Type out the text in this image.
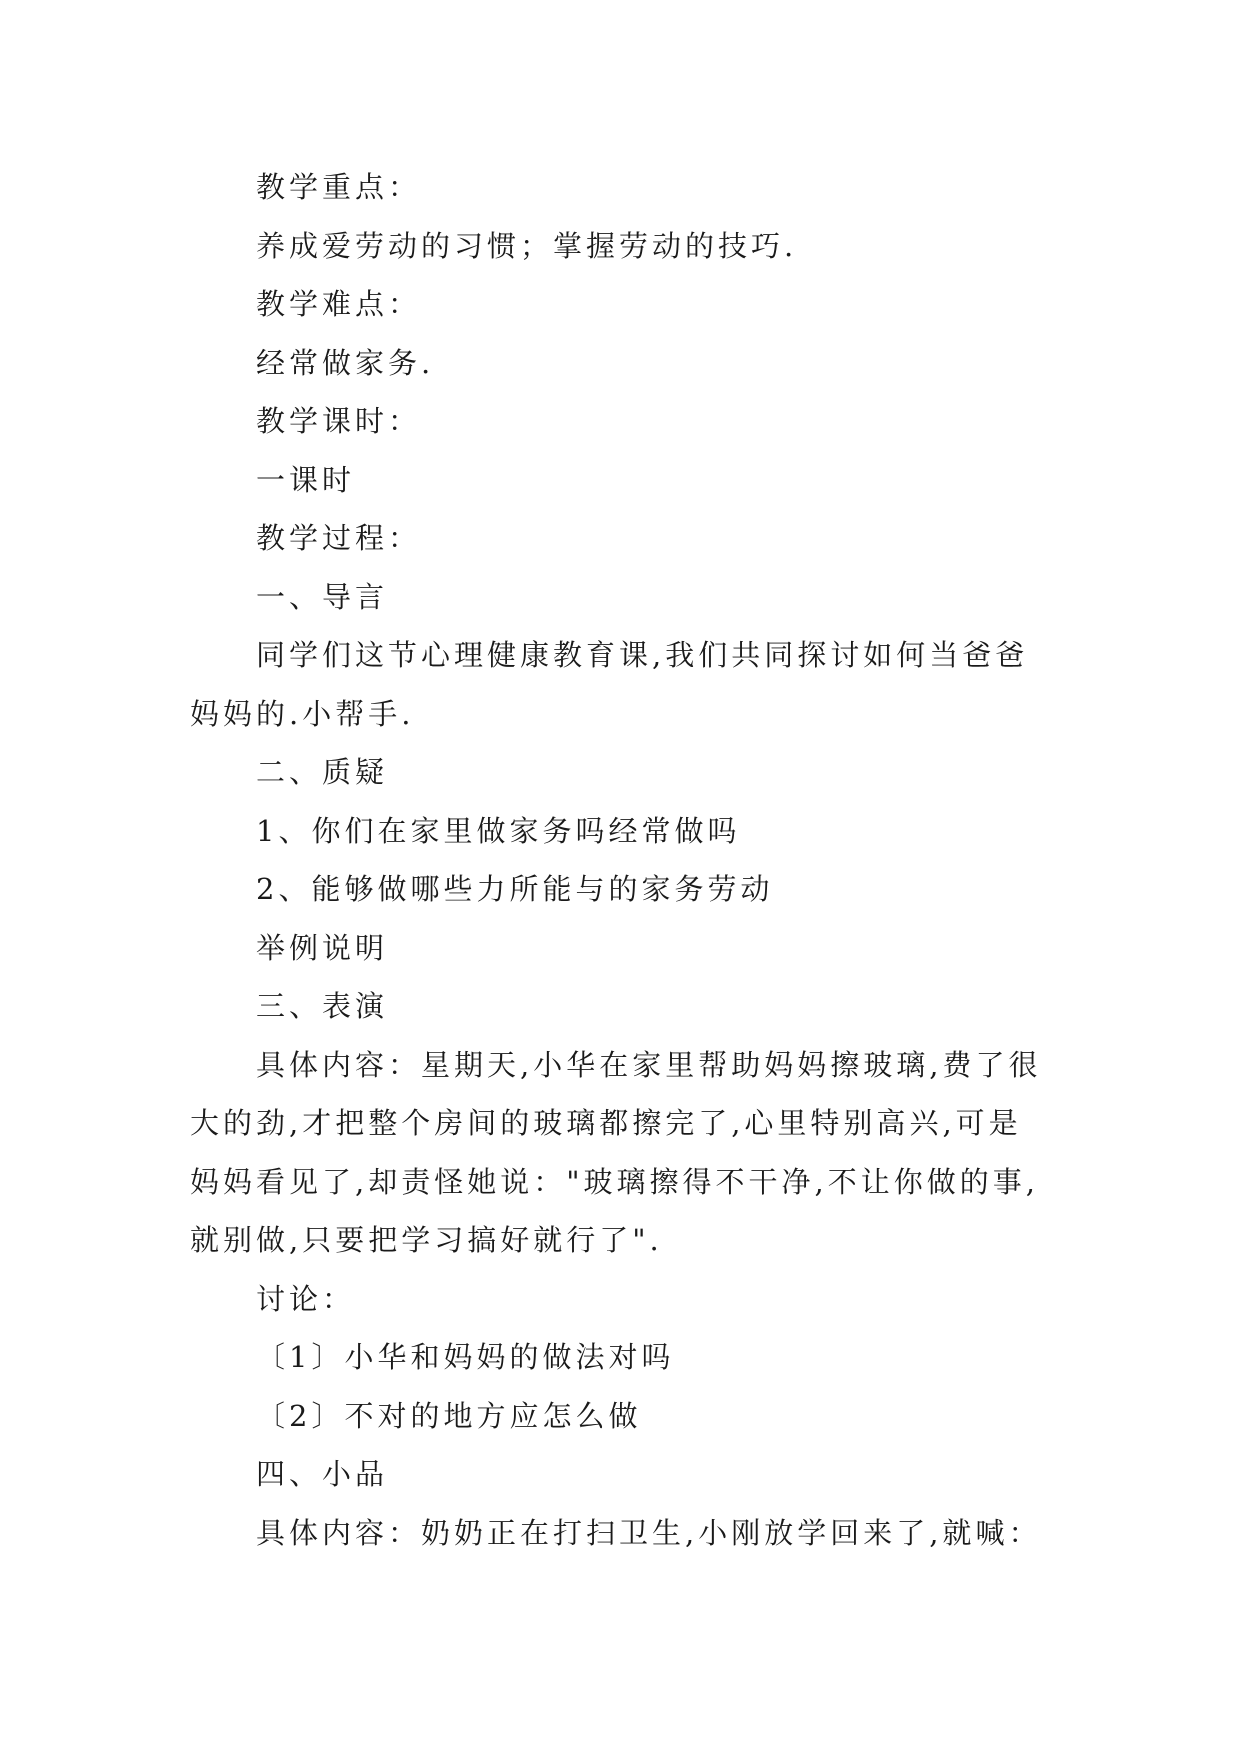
教学重点：

养成爱劳动的习惯；掌握劳动的技巧.

教学难点：

经常做家务.

教学课时：

一课时

教学过程：

一、导言

同学们这节心理健康教育课,我们共同探讨如何当爸爸

妈妈的.小帮手.

二、质疑

1、你们在家里做家务吗经常做吗

2、能够做哪些力所能与的家务劳动

举例说明

三、表演

具体内容：星期天,小华在家里帮助妈妈擦玻璃,费了很

大的劲,才把整个房间的玻璃都擦完了,心里特别高兴,可是

妈妈看见了,却责怪她说："玻璃擦得不干净,不让你做的事,

就别做,只要把学习搞好就行了".

讨论：

〔1〕小华和妈妈的做法对吗

〔2〕不对的地方应怎么做

四、小品

具体内容：奶奶正在打扫卫生,小刚放学回来了,就喊：
